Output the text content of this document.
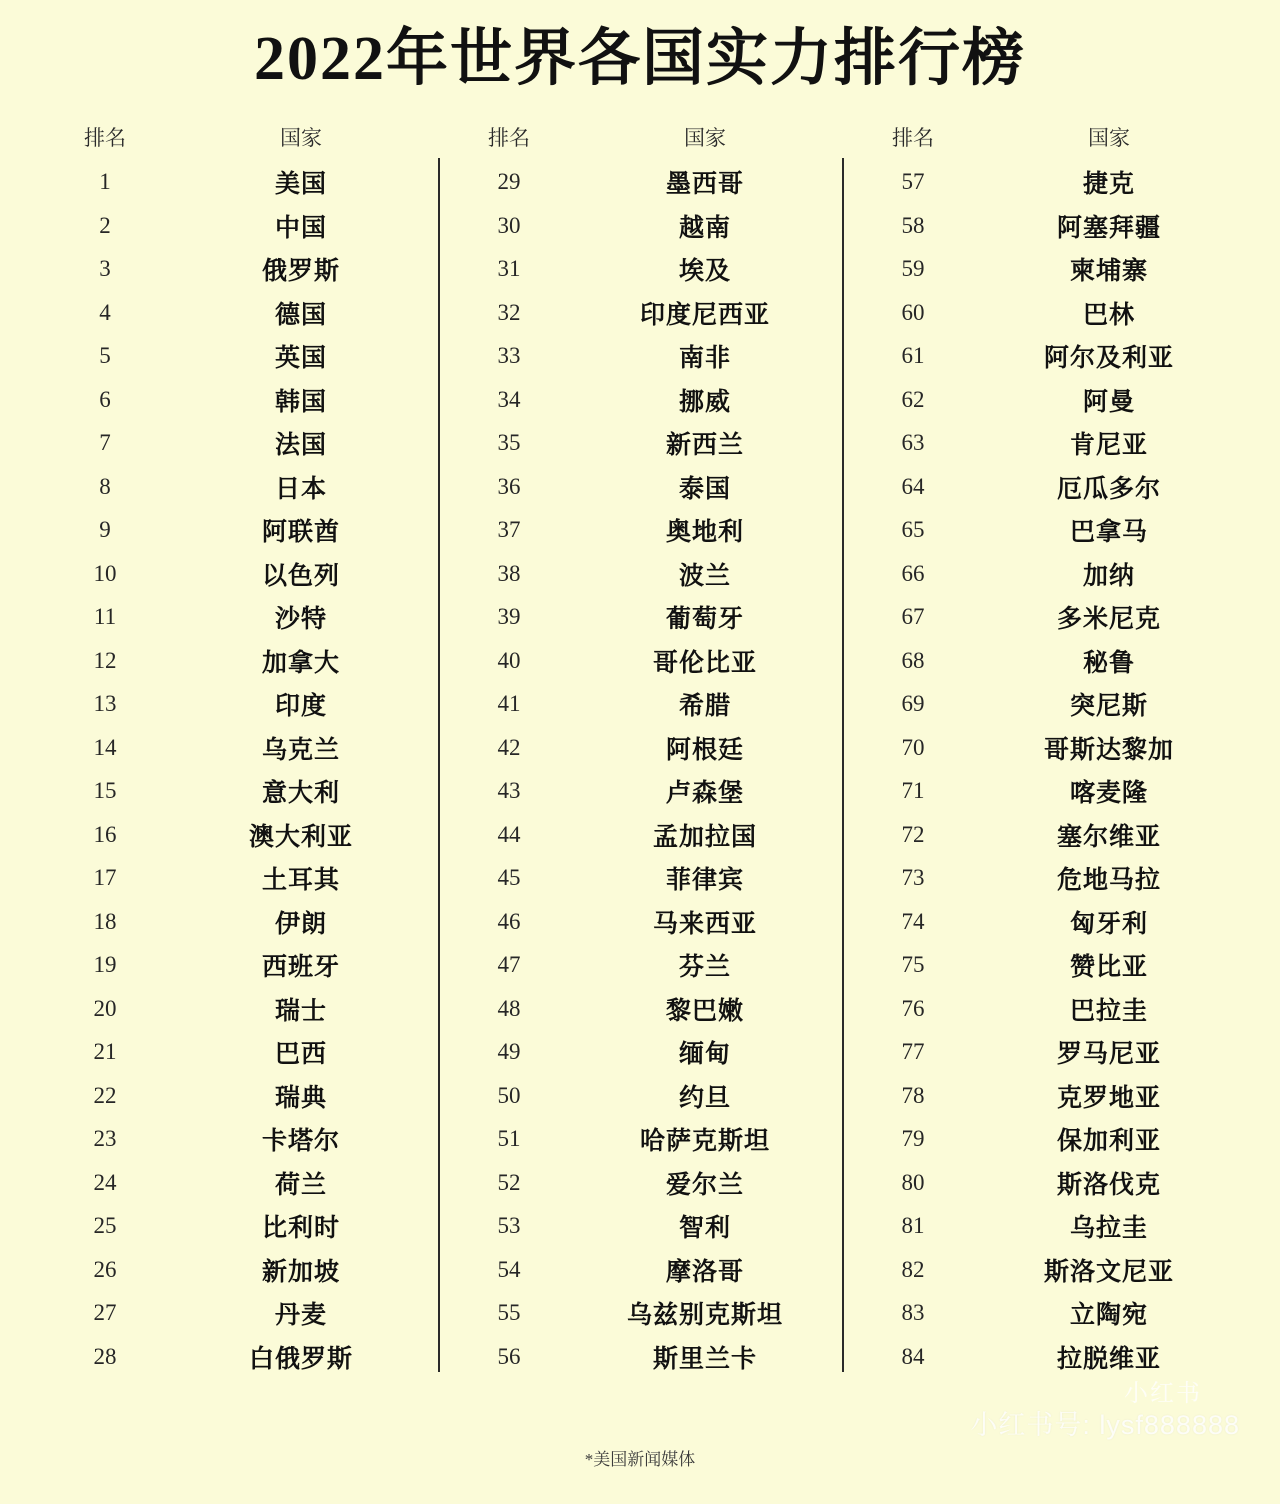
2022年世界各国实力排行榜
排名	国家
1	美国
2	中国
3	俄罗斯
4	德国
5	英国
6	韩国
7	法国
8	日本
9	阿联酋
10	以色列
11	沙特
12	加拿大
13	印度
14	乌克兰
15	意大利
16	澳大利亚
17	土耳其
18	伊朗
19	西班牙
20	瑞士
21	巴西
22	瑞典
23	卡塔尔
24	荷兰
25	比利时
26	新加坡
27	丹麦
28	白俄罗斯
排名	国家
29	墨西哥
30	越南
31	埃及
32	印度尼西亚
33	南非
34	挪威
35	新西兰
36	泰国
37	奥地利
38	波兰
39	葡萄牙
40	哥伦比亚
41	希腊
42	阿根廷
43	卢森堡
44	孟加拉国
45	菲律宾
46	马来西亚
47	芬兰
48	黎巴嫩
49	缅甸
50	约旦
51	哈萨克斯坦
52	爱尔兰
53	智利
54	摩洛哥
55	乌兹别克斯坦
56	斯里兰卡
排名	国家
57	捷克
58	阿塞拜疆
59	柬埔寨
60	巴林
61	阿尔及利亚
62	阿曼
63	肯尼亚
64	厄瓜多尔
65	巴拿马
66	加纳
67	多米尼克
68	秘鲁
69	突尼斯
70	哥斯达黎加
71	喀麦隆
72	塞尔维亚
73	危地马拉
74	匈牙利
75	赞比亚
76	巴拉圭
77	罗马尼亚
78	克罗地亚
79	保加利亚
80	斯洛伐克
81	乌拉圭
82	斯洛文尼亚
83	立陶宛
84	拉脱维亚
小红书
小红书号: lysf888888
*美国新闻媒体
